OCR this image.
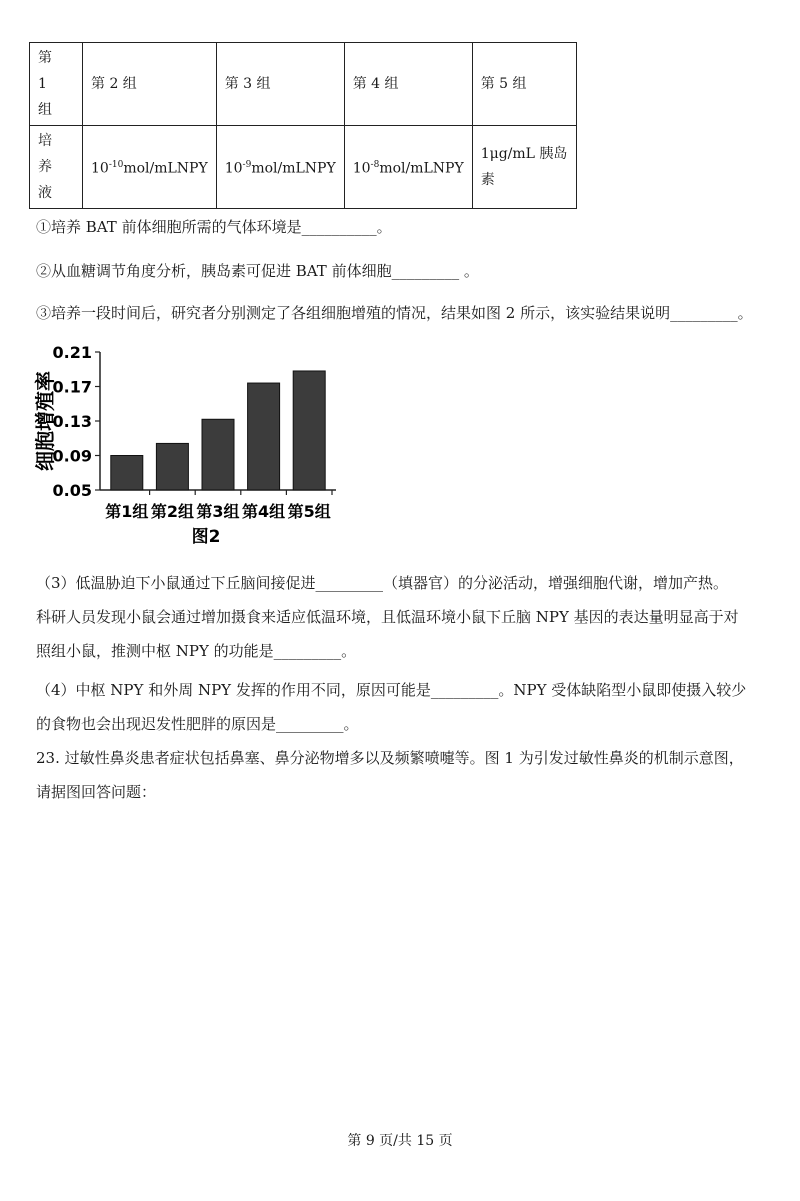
第 1 组	第 2 组	第 3 组	第 4 组	第 5 组
培养液	$10^{-10}mol$/mLNPY	$10^{-9}mol$/mLNPY	$10^{-8}mol$/mLNPY	1μg/mL 胰岛素
①培养 BAT 前体细胞所需的气体环境是__________。
②从血糖调节角度分析，胰岛素可促进 BAT 前体细胞_________ 。
③培养一段时间后，研究者分别测定了各组细胞增殖的情况，结果如图 2 所示，该实验结果说明_________。
0.21
0.17
0.13
0.09
0.05
第1组 第2组 第3组 第4组 第5组
细胞增殖率
图2
（3）低温胁迫下小鼠通过下丘脑间接促进_________（填器官）的分泌活动，增强细胞代谢，增加产热。
科研人员发现小鼠会通过增加摄食来适应低温环境，且低温环境小鼠下丘脑 NPY 基因的表达量明显高于对
照组小鼠，推测中枢 NPY 的功能是_________。
（4）中枢 NPY 和外周 NPY 发挥的作用不同，原因可能是_________。NPY 受体缺陷型小鼠即使摄入较少
的食物也会出现迟发性肥胖的原因是_________。
23. 过敏性鼻炎患者症状包括鼻塞、鼻分泌物增多以及频繁喷嚏等。图 1 为引发过敏性鼻炎的机制示意图，
请据图回答问题：
第 9 页/共 15 页
